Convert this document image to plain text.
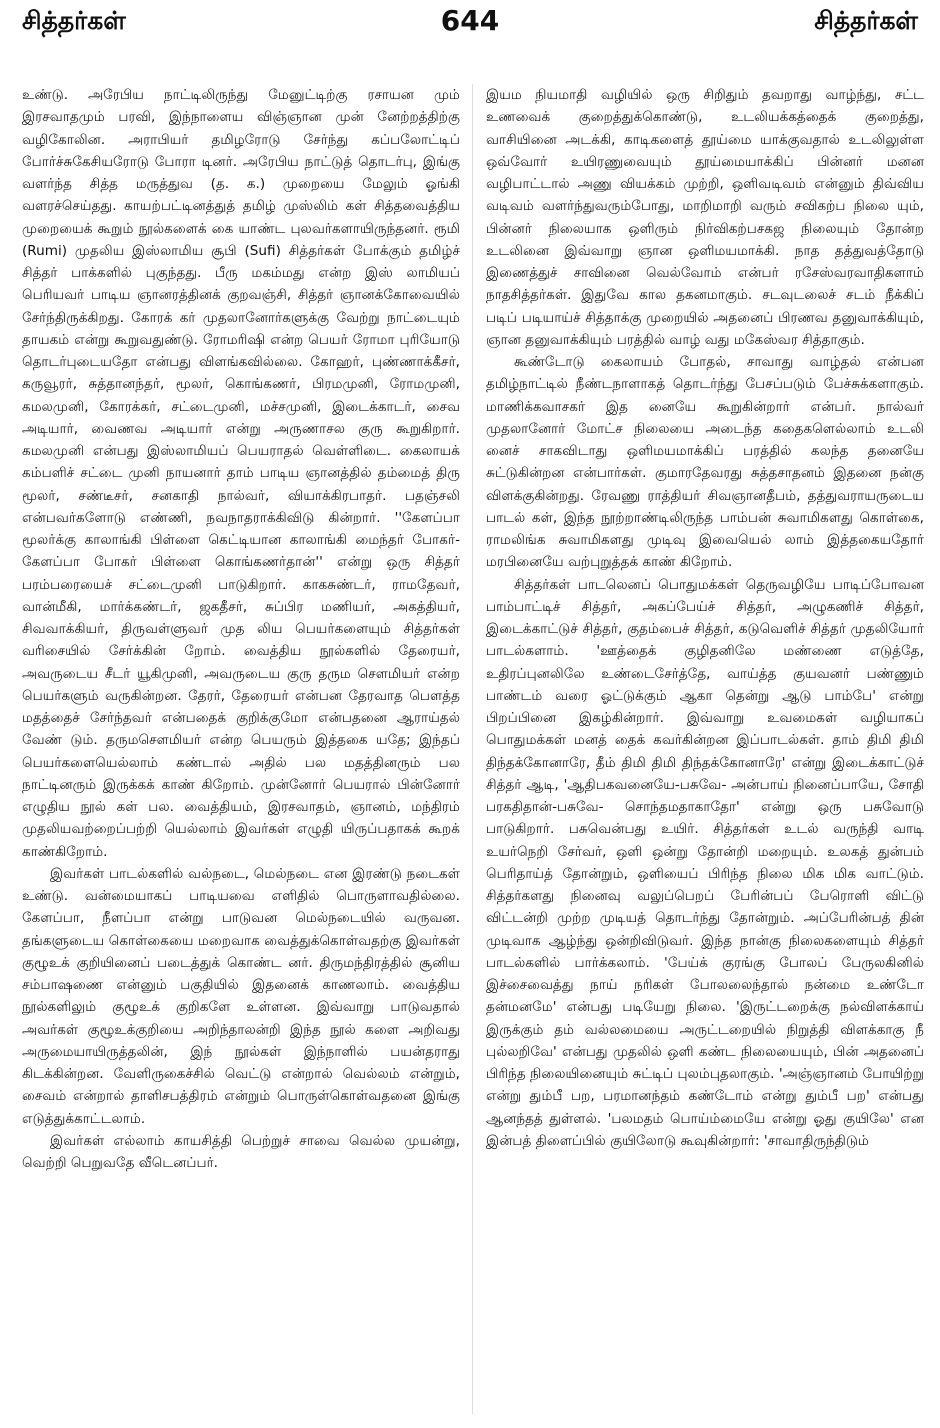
சித்தர்கள்	644	சித்தர்கள்

உண்டு. அரேபிய நாட்டிலிருந்து மேனுட்டிற்கு ரசாயன மும் இரசவாதமும் பரவி, இந்நாளைய விஞ்ஞான முன் னேற்றத்திற்கு வழிகோலின. அராபியர் தமிழரோடு சேர்ந்து கப்பலோட்டிப் போர்ச்சுகேசியரோடு போரா டினர். அரேபிய நாட்டுத் தொடர்பு, இங்கு வளர்ந்த சித்த மருத்துவ (த. க.) முறையை மேலும் ஓங்கி வளரச்செய்தது. காயற்பட்டினத்துத் தமிழ் முஸ்லிம் கள் சித்தவைத்திய முறையைக் கூறும் நூல்களைக் கை யாண்ட புலவர்களாயிருந்தனர். ரூமி (Rumi) முதலிய இஸ்லாமிய சூபி (Sufi) சித்தர்கள் போக்கும் தமிழ்ச் சித்தர் பாக்களில் புகுந்தது. பீரு மகம்மது என்ற இஸ் லாமியப் பெரியவர் பாடிய ஞானரத்தினக் குறவஞ்சி, சித்தர் ஞானக்கோவையில் சேர்ந்திருக்கிறது. கோரக் கர் முதலானோர்களுக்கு வேற்று நாட்டையும் தாயகம் என்று கூறுவதுண்டு. ரோமரிஷி என்ற பெயர் ரோமா புரியோடு தொடர்புடையதோ என்பது விளங்கவில்லை. கோஹர், புண்ணாக்கீசர், கருவூரர், சுத்தானந்தர், மூலர், கொங்கணர், பிரமமுனி, ரோமமுனி, கமலமுனி, கோரக்கர், சட்டைமுனி, மச்சமுனி, இடைக்காடர், சைவ அடியார், வைணவ அடியார் என்று அருணாசல குரு கூறுகிறார். கமலமுனி என்பது இஸ்லாமியப் பெயராதல் வெள்ளிடை. கைலாயக் கம்பளிச் சட்டை முனி நாயனார் தாம் பாடிய ஞானத்தில் தம்மைத் திரு மூலர், சண்டீசர், சனகாதி நால்வர், வியாக்கிரபாதர். பதஞ்சலி என்பவர்களோடு எண்ணி, நவநாதராக்கிவிடு கின்றார். ''கேளப்பா மூலர்க்கு காலாங்கி பிள்ளை கெட்டியான காலாங்கி மைந்தர் போகர்-கேளப்பா போகர் பிள்ளை கொங்கணர்தான்'' என்று ஒரு சித்தர் பரம்பரையைச் சட்டைமுனி பாடுகிறார். காகசுண்டர், ராமதேவர், வான்மீகி, மார்க்கண்டர், ஜகதீசர், சுப்பிர மணியர், அகத்தியர், சிவவாக்கியர், திருவள்ளுவர் முத லிய பெயர்களையும் சித்தர்கள் வரிசையில் சேர்க்கின் றோம். வைத்திய நூல்களில் தேரையர், அவருடைய சீடர் யூகிமுனி, அவருடைய குரு தரும சௌமியர் என்ற பெயர்களும் வருகின்றன. தேரர், தேரையர் என்பன தேரவாத பௌத்த மதத்தைச் சேர்ந்தவர் என்பதைக் குறிக்குமோ என்பதனை ஆராய்தல் வேண் டும். தருமசௌமியர் என்ற பெயரும் இத்தகை யதே; இந்தப் பெயர்களையெல்லாம் கண்டால் அதில் பல மதத்தினரும் பல நாட்டினரும் இருக்கக் காண் கிறோம். முன்னோர் பெயரால் பின்னோர் எழுதிய நூல் கள் பல. வைத்தியம், இரசவாதம், ஞானம், மந்திரம் முதலியவற்றைப்பற்றி யெல்லாம் இவர்கள் எழுதி யிருப்பதாகக் கூறக் காண்கிறோம்.

இவர்கள் பாடல்களில் வல்நடை, மெல்நடை என இரண்டு நடைகள் உண்டு. வன்மையாகப் பாடியவை எளிதில் பொருளாவதில்லை. கேளப்பா, நீளப்பா என்று பாடுவன மெல்நடையில் வருவன. தங்களுடைய கொள்கையை மறைவாக வைத்துக்கொள்வதற்கு இவர்கள் குழூஉக் குறியினைப் படைத்துக் கொண்ட னர். திருமந்திரத்தில் சூனிய சம்பாஷணை என்னும் பகுதியில் இதனைக் காணலாம். வைத்திய நூல்களிலும் குழூஉக் குறிகளே உள்ளன. இவ்வாறு பாடுவதால் அவர்கள் குழூஉக்குறியை அறிந்தாலன்றி இந்த நூல் களை அறிவது அருமையாயிருத்தலின், இந் நூல்கள் இந்நாளில் பயன்தராது கிடக்கின்றன. வேளிருகைச்சில் வெட்டு என்றால் வெல்லம் என்றும், சைவம் என்றால் தாளிசபத்திரம் என்றும் பொருள்கொள்வதனை இங்கு எடுத்துக்காட்டலாம்.

இவர்கள் எல்லாம் காயசித்தி பெற்றுச் சாவை வெல்ல முயன்று, வெற்றி பெறுவதே வீடெனப்பர்.

இயம நியமாதி வழியில் ஒரு சிறிதும் தவறாது வாழ்ந்து, சட்ட உணவைக் குறைத்துக்கொண்டு, உடலியக்கத்தைக் குறைத்து, வாசியினை அடக்கி, காடிகளைத் தூய்மை யாக்குவதால் உடலிலுள்ள ஒவ்வோர் உயிரணுவையும் தூய்மையாக்கிப் பின்னர் மனன வழிபாட்டால் அணு வியக்கம் முற்றி, ஒளிவடிவம் என்னும் திவ்விய வடிவம் வளர்ந்துவரும்போது, மாறிமாறி வரும் சவிகற்ப நிலை யும், பின்னர் நிலையாக ஒளிரும் நிர்விகற்பசகஜ நிலையும் தோன்ற உடலினை இவ்வாறு ஞான ஒளிமயமாக்கி. நாத தத்துவத்தோடு இணைத்துச் சாவினை வெல்வோம் என்பர் ரசேஸ்வரவாதிகளாம் நாதசித்தர்கள். இதுவே கால தகனமாகும். சடவுடலைச் சடம் நீக்கிப் படிப் படியாய்ச் சித்தாக்கு முறையில் அதனைப் பிரணவ தனுவாக்கியும், ஞான தனுவாக்கியும் பரத்தில் வாழ் வது மகேஸ்வர சித்தாகும்.

கூண்டோடு கைலாயம் போதல், சாவாது வாழ்தல் என்பன தமிழ்நாட்டில் நீண்டநாளாகத் தொடர்ந்து பேசப்படும் பேச்சுக்களாகும். மாணிக்கவாசகர் இத னையே கூறுகின்றார் என்பர். நால்வர் முதலானோர் மோட்ச நிலையை அடைந்த கதைகளெல்லாம் உடலி னைச் சாகவிடாது ஒளிமயமாக்கிப் பரத்தில் கலந்த தனையே சுட்டுகின்றன என்பார்கள். குமாரதேவரது சுத்தசாதனம் இதனை நன்கு விளக்குகின்றது. ரேவணு ராத்தியர் சிவஞானதீபம், தத்துவராயருடைய பாடல் கள், இந்த நூற்றாண்டிலிருந்த பாம்பன் சுவாமிகளது கொள்கை, ராமலிங்க சுவாமிகளது முடிவு இவையெல் லாம் இத்தகையதோர் மரபினையே வற்புறுத்தக் காண் கிறோம்.

சித்தர்கள் பாடலெனப் பொதுமக்கள் தெருவழியே பாடிப்போவன பாம்பாட்டிச் சித்தர், அகப்பேய்ச் சித்தர், அழுகணிச் சித்தர், இடைக்காட்டுச் சித்தர், குதம்பைச் சித்தர், கடுவெளிச் சித்தர் முதலியோர் பாடல்களாம். 'ஊத்தைக் குழிதனிலே மண்ணை எடுத்தே, உதிரப்புனலிலே உண்டைசேர்த்தே, வாய்த்த குயவனர் பண்ணும் பாண்டம் வரை ஓட்டுக்கும் ஆகா தென்று ஆடு பாம்பே' என்று பிறப்பினை இகழ்கின்றார். இவ்வாறு உவமைகள் வழியாகப் பொதுமக்கள் மனத் தைக் கவர்கின்றன இப்பாடல்கள். தாம் திமி திமி திந்தக்கோனாரே, தீம் திமி திமி திந்தக்கோனாரே' என்று இடைக்காட்டுச் சித்தர் ஆடி, 'ஆதிபகவனையே-பசுவே- அன்பாய் நினைப்பாயே, சோதி பரகதிதான்-பசுவே- சொந்தமதாகாதோ' என்று ஒரு பசுவோடு பாடுகிறார். பசுவென்பது உயிர். சித்தர்கள் உடல் வருந்தி வாடி உயர்நெறி சேர்வர், ஒளி ஒன்று தோன்றி மறையும். உலகத் துன்பம் பெரிதாய்த் தோன்றும், ஒளியைப் பிரிந்த நிலை மிக மிக வாட்டும். சித்தர்களது நினைவு வலுப்பெறப் பேரின்பப் பேரொளி விட்டு விட்டன்றி முற்ற முடியத் தொடர்ந்து தோன்றும். அப்பேரின்பத் தின் முடிவாக ஆழ்ந்து ஒன்றிவிடுவர். இந்த நான்கு நிலைகளையும் சித்தர் பாடல்களில் பார்க்கலாம். 'பேய்க் குரங்கு போலப் பேருலகினில் இச்சைவைத்து நாய் நரிகள் போலலைந்தால் நன்மை உண்டோ தன்மனமே' என்பது படியேறு நிலை. 'இருட்டறைக்கு நல்விளக்காய் இருக்கும் தம் வல்லமையை அருட்டறையில் நிறுத்தி விளக்காகு நீ புல்லறிவே' என்பது முதலில் ஒளி கண்ட நிலையையும், பின் அதனைப் பிரிந்த நிலையினையும் சுட்டிப் புலம்புதலாகும். 'அஞ்ஞானம் போயிற்று என்று தும்பீ பற, பரமானந்தம் கண்டோம் என்று தும்பீ பற' என்பது ஆனந்தத் துள்ளல். 'பலமதம் பொய்ம்மையே என்று ஓது குயிலே' என இன்பத் திளைப்பில் குயிலோடு கூவுகின்றார்: 'சாவாதிருந்திடும்
